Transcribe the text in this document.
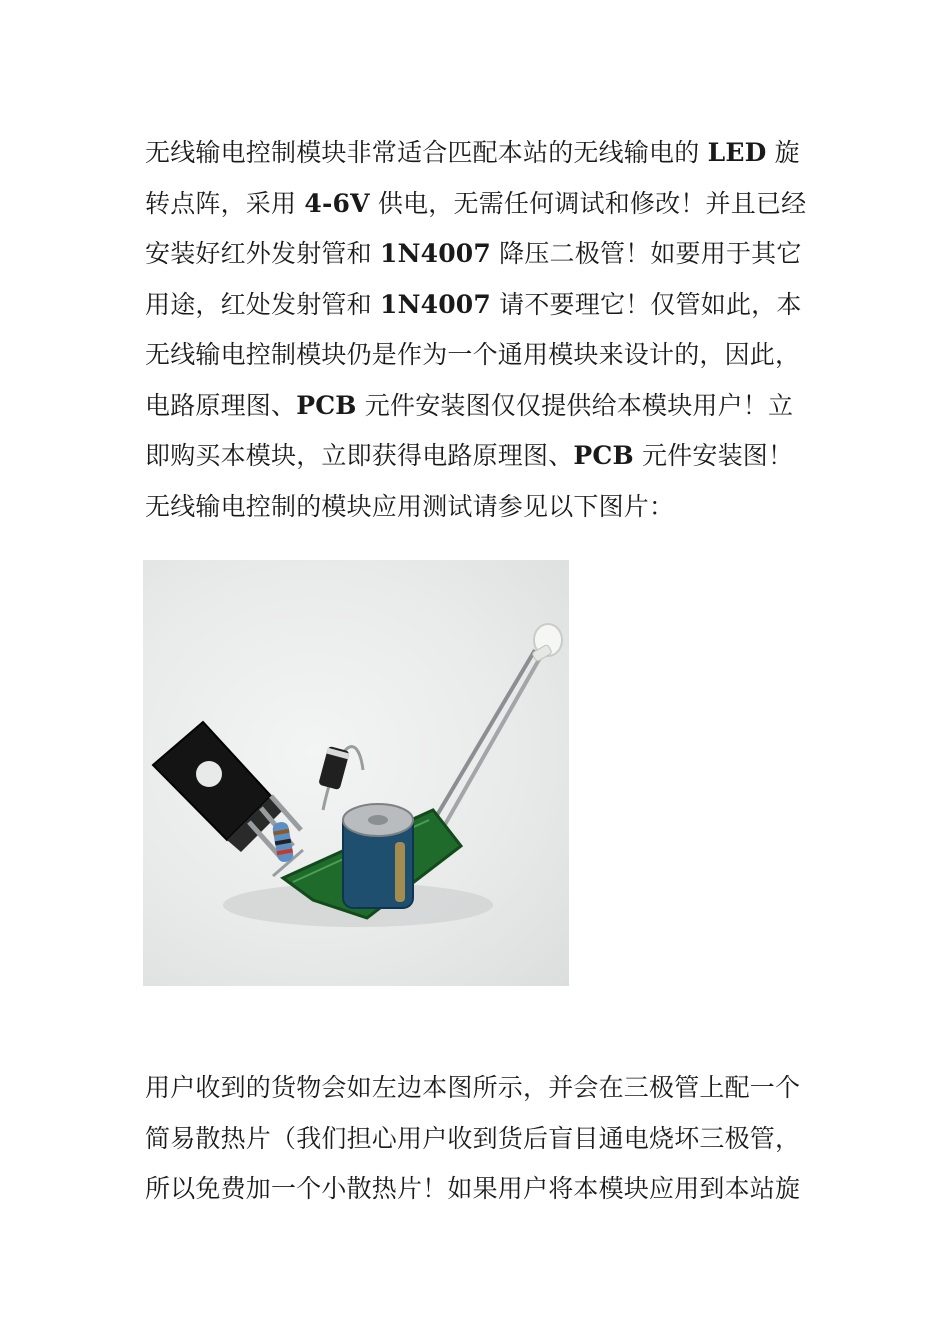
无线输电控制模块非常适合匹配本站的无线输电的 LED 旋转点阵，采用 4-6V 供电，无需任何调试和修改！并且已经安装好红外发射管和 1N4007 降压二极管！如要用于其它用途，红处发射管和 1N4007 请不要理它！仅管如此，本无线输电控制模块仍是作为一个通用模块来设计的，因此，电路原理图、PCB 元件安装图仅仅提供给本模块用户！立即购买本模块，立即获得电路原理图、PCB 元件安装图！无线输电控制的模块应用测试请参见以下图片：

用户收到的货物会如左边本图所示，并会在三极管上配一个简易散热片（我们担心用户收到货后盲目通电烧坏三极管，所以免费加一个小散热片！如果用户将本模块应用到本站旋
